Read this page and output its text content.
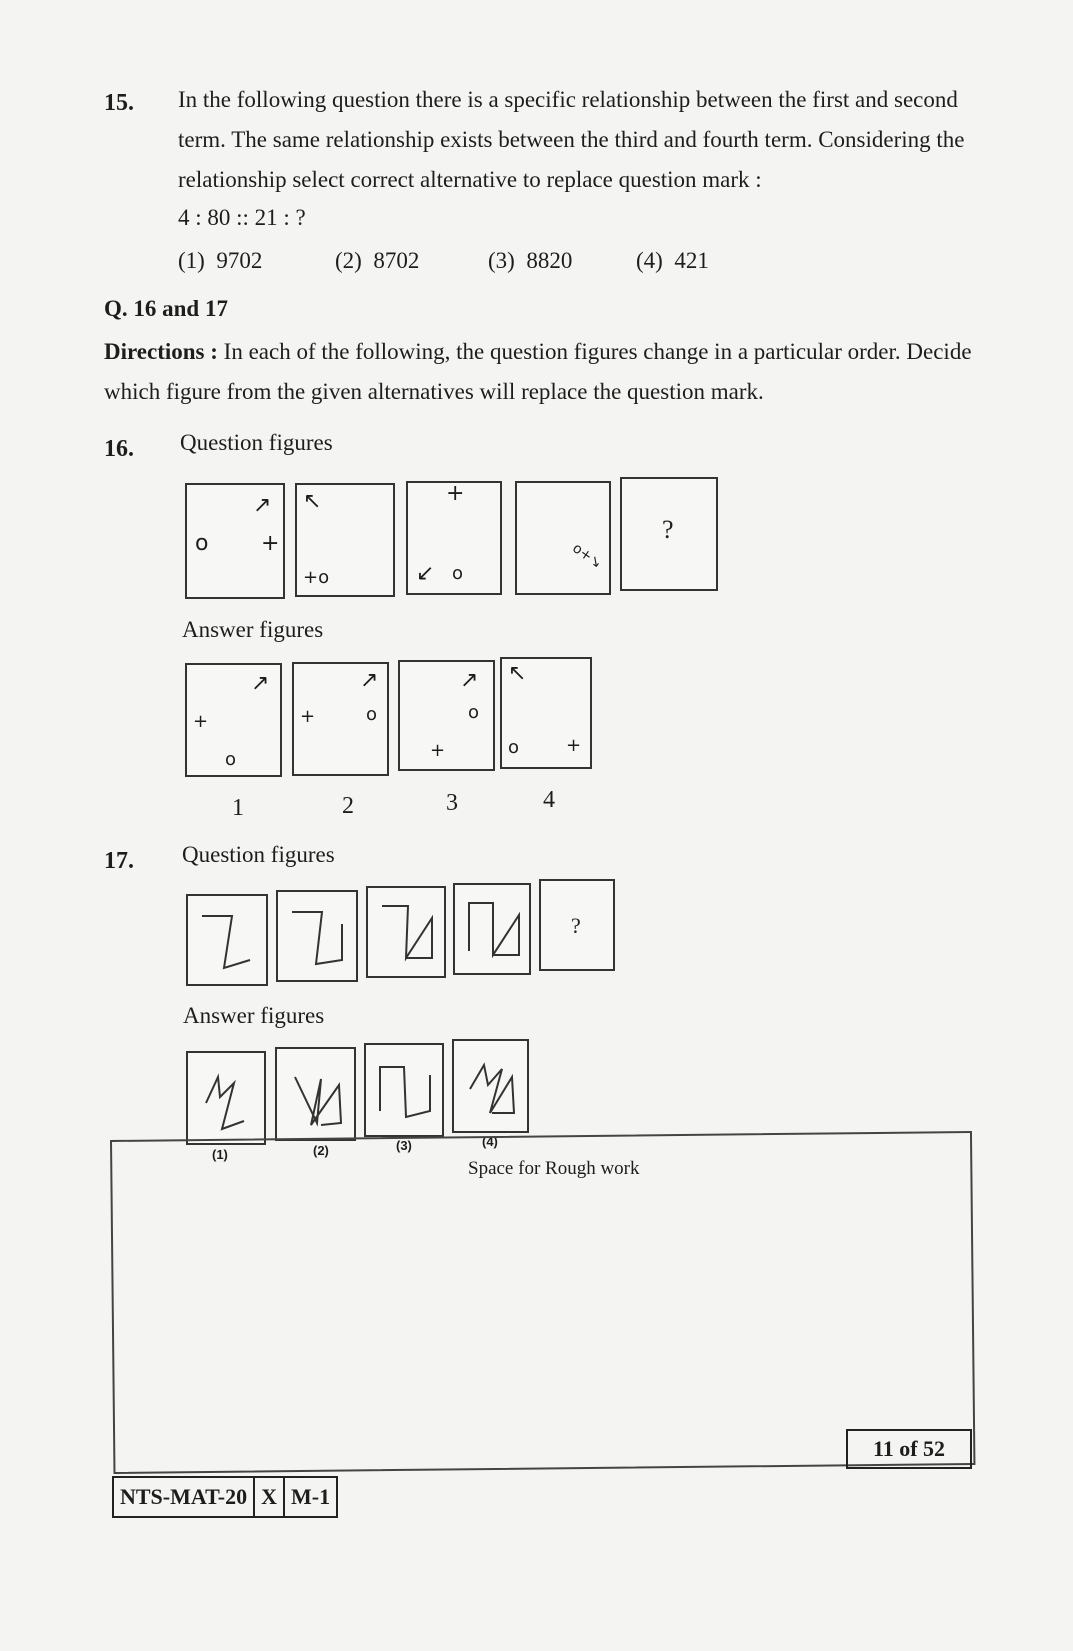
15. In the following question there is a specific relationship between the first and second term. The same relationship exists between the third and fourth term. Considering the relationship select correct alternative to replace question mark :
4 : 80 :: 21 : ?
(1) 9702	(2) 8702	(3) 8820	(4) 421
Q. 16 and 17
Directions : In each of the following, the question figures change in a particular order. Decide which figure from the given alternatives will replace the question mark.
16. Question figures
o +
↗ ↖
+o
+
↙ o
o+↘
?
Answer figures
↗
+
o
↗
+	o
↗
o
+
↖
o	+
1	2	3	4
17. Question figures
?
Answer figures
(1)	(2)	(3)	(4)
Space for Rough work
11 of 52
NTS-MAT-20 X M-1
